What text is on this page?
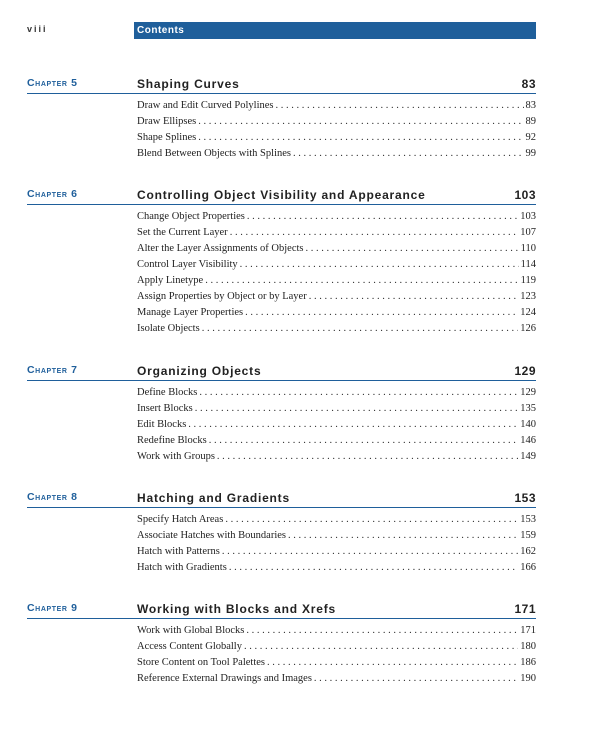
viii	Contents
Chapter 5	Shaping Curves	83
Draw and Edit Curved Polylines . . .	83
Draw Ellipses . . .	89
Shape Splines . . .	92
Blend Between Objects with Splines . . .	99
Chapter 6	Controlling Object Visibility and Appearance	103
Change Object Properties . . .	103
Set the Current Layer . . .	107
Alter the Layer Assignments of Objects . . .	110
Control Layer Visibility . . .	114
Apply Linetype . . .	119
Assign Properties by Object or by Layer . . .	123
Manage Layer Properties . . .	124
Isolate Objects . . .	126
Chapter 7	Organizing Objects	129
Define Blocks . . .	129
Insert Blocks . . .	135
Edit Blocks . . .	140
Redefine Blocks . . .	146
Work with Groups . . .	149
Chapter 8	Hatching and Gradients	153
Specify Hatch Areas . . .	153
Associate Hatches with Boundaries . . .	159
Hatch with Patterns . . .	162
Hatch with Gradients . . .	166
Chapter 9	Working with Blocks and Xrefs	171
Work with Global Blocks . . .	171
Access Content Globally . . .	180
Store Content on Tool Palettes . . .	186
Reference External Drawings and Images . . .	190
